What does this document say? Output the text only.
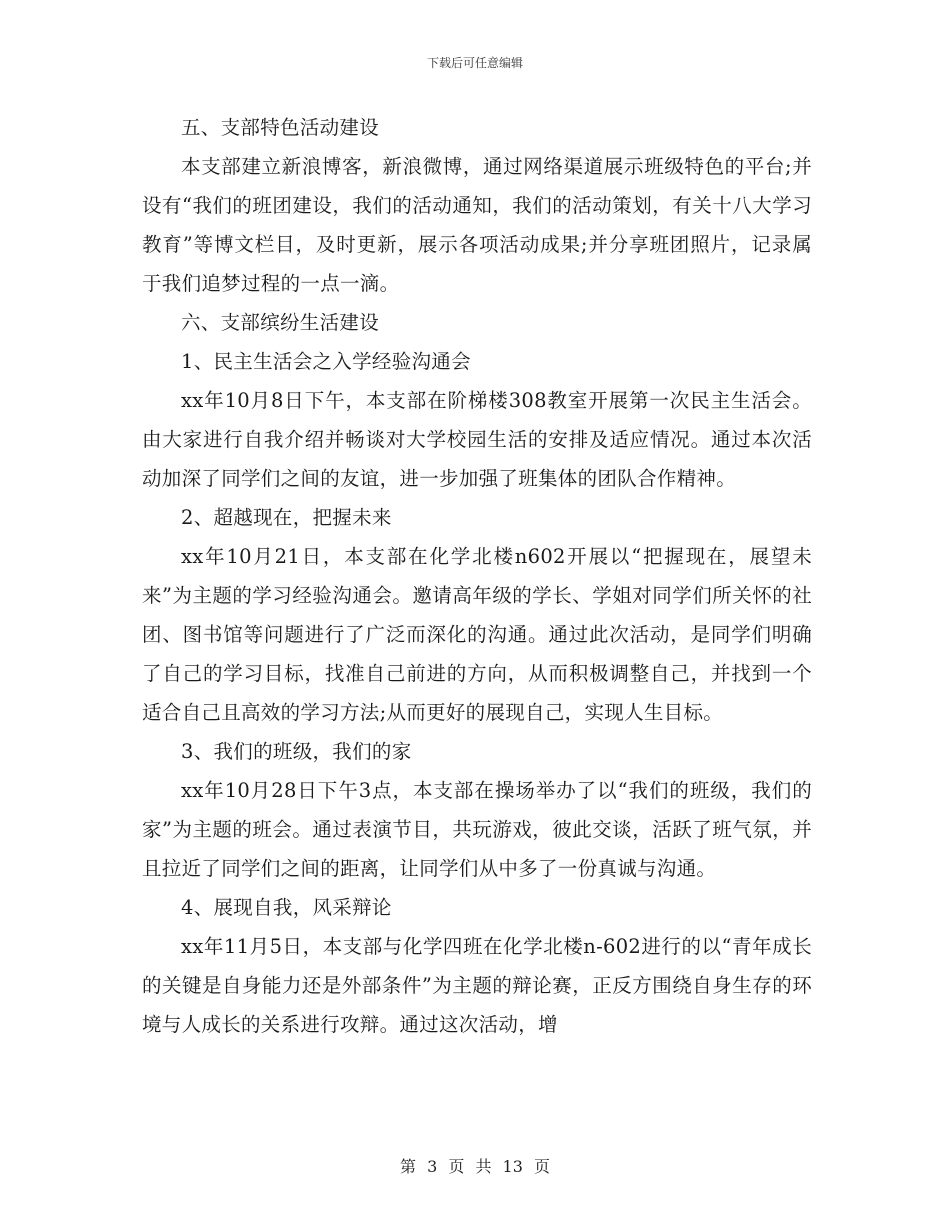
下载后可任意编辑

五、支部特色活动建设

本支部建立新浪博客，新浪微博，通过网络渠道展示班级特色的平台;并设有“我们的班团建设，我们的活动通知，我们的活动策划，有关十八大学习教育”等博文栏目，及时更新，展示各项活动成果;并分享班团照片，记录属于我们追梦过程的一点一滴。

六、支部缤纷生活建设

1、民主生活会之入学经验沟通会

xx年10月8日下午，本支部在阶梯楼308教室开展第一次民主生活会。由大家进行自我介绍并畅谈对大学校园生活的安排及适应情况。通过本次活动加深了同学们之间的友谊，进一步加强了班集体的团队合作精神。

2、超越现在，把握未来

xx年10月21日，本支部在化学北楼n602开展以“把握现在，展望未来”为主题的学习经验沟通会。邀请高年级的学长、学姐对同学们所关怀的社团、图书馆等问题进行了广泛而深化的沟通。通过此次活动，是同学们明确了自己的学习目标，找准自己前进的方向，从而积极调整自己，并找到一个适合自己且高效的学习方法;从而更好的展现自己，实现人生目标。

3、我们的班级，我们的家

xx年10月28日下午3点，本支部在操场举办了以“我们的班级，我们的家”为主题的班会。通过表演节目，共玩游戏，彼此交谈，活跃了班气氛，并且拉近了同学们之间的距离，让同学们从中多了一份真诚与沟通。

4、展现自我，风采辩论

xx年11月5日，本支部与化学四班在化学北楼n-602进行的以“青年成长的关键是自身能力还是外部条件”为主题的辩论赛，正反方围绕自身生存的环境与人成长的关系进行攻辩。通过这次活动，增

第 3 页 共 13 页
